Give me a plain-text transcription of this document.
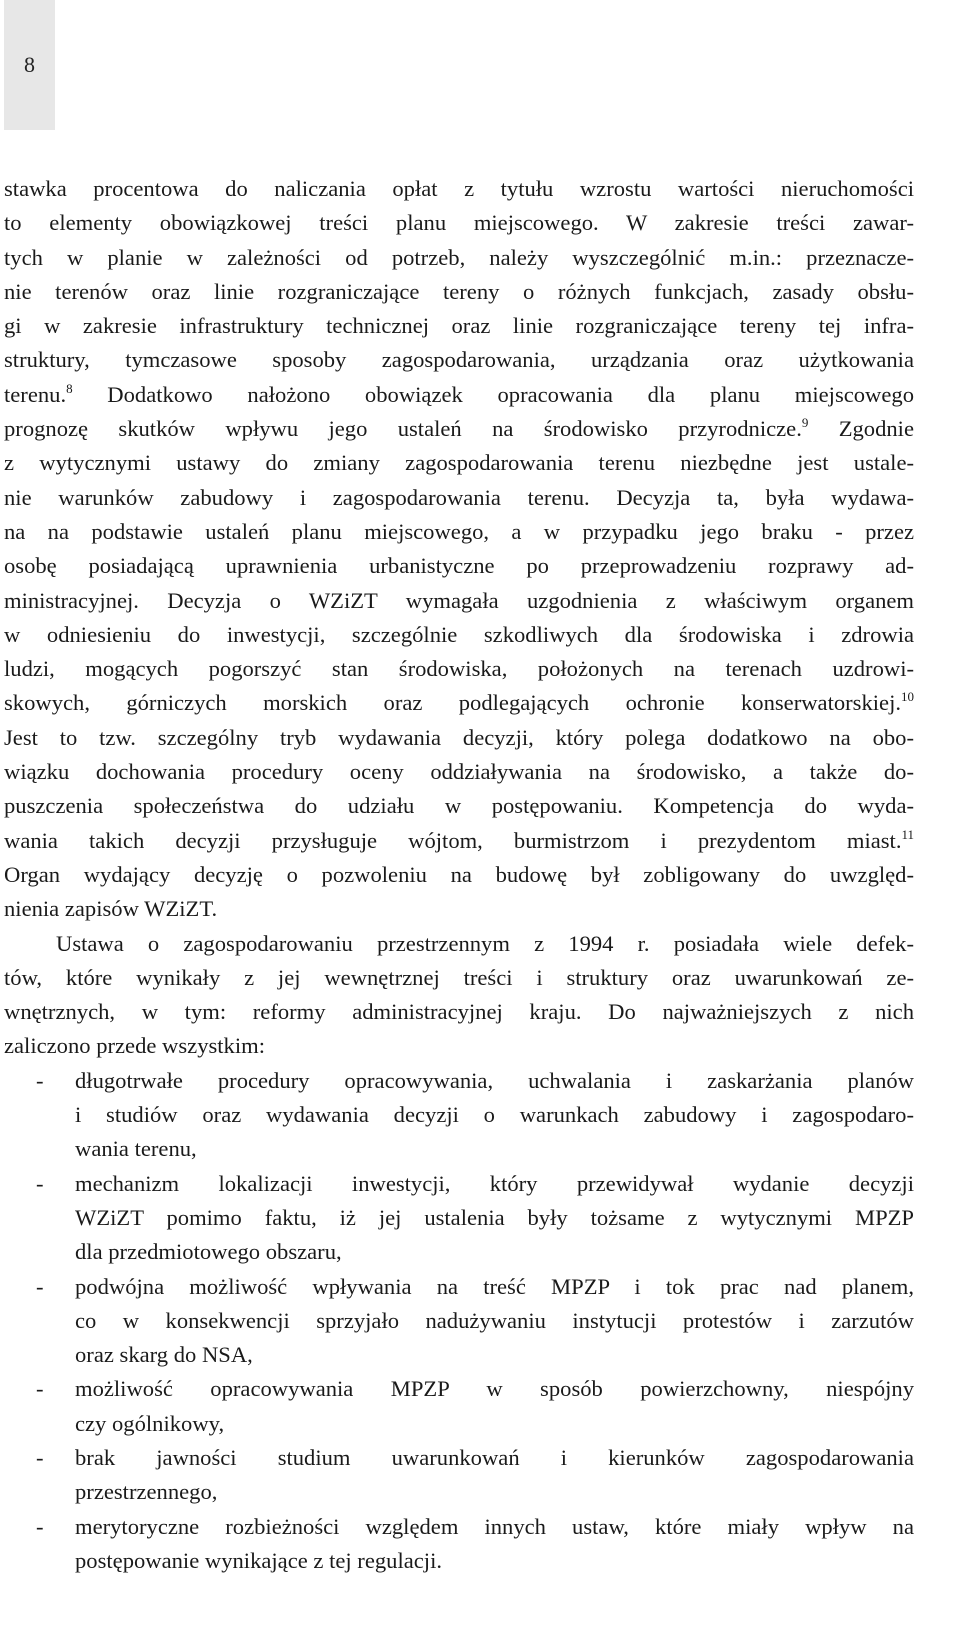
8
stawka procentowa do naliczania opłat z tytułu wzrostu wartości nieruchomości
to elementy obowiązkowej treści planu miejscowego. W zakresie treści zawar-
tych w planie w zależności od potrzeb, należy wyszczególnić m.in.: przeznacze-
nie terenów oraz linie rozgraniczające tereny o różnych funkcjach, zasady obsłu-
gi w zakresie infrastruktury technicznej oraz linie rozgraniczające tereny tej infra-
struktury, tymczasowe sposoby zagospodarowania, urządzania oraz użytkowania
terenu.$^8$ Dodatkowo nałożono obowiązek opracowania dla planu miejscowego
prognozę skutków wpływu jego ustaleń na środowisko przyrodnicze.$^9$ Zgodnie
z wytycznymi ustawy do zmiany zagospodarowania terenu niezbędne jest ustale-
nie warunków zabudowy i zagospodarowania terenu. Decyzja ta, była wydawa-
na na podstawie ustaleń planu miejscowego, a w przypadku jego braku - przez
osobę posiadającą uprawnienia urbanistyczne po przeprowadzeniu rozprawy ad-
ministracyjnej. Decyzja o WZiZT wymagała uzgodnienia z właściwym organem
w odniesieniu do inwestycji, szczególnie szkodliwych dla środowiska i zdrowia
ludzi, mogących pogorszyć stan środowiska, położonych na terenach uzdrowi-
skowych, górniczych morskich oraz podlegających ochronie konserwatorskiej.$^{10}$
Jest to tzw. szczególny tryb wydawania decyzji, który polega dodatkowo na obo-
wiązku dochowania procedury oceny oddziaływania na środowisko, a także do-
puszczenia społeczeństwa do udziału w postępowaniu. Kompetencja do wyda-
wania takich decyzji przysługuje wójtom, burmistrzom i prezydentom miast.$^{11}$
Organ wydający decyzję o pozwoleniu na budowę był zobligowany do uwzględ-
nienia zapisów WZiZT.
Ustawa o zagospodarowaniu przestrzennym z 1994 r. posiadała wiele defek-
tów, które wynikały z jej wewnętrznej treści i struktury oraz uwarunkowań ze-
wnętrznych, w tym: reformy administracyjnej kraju. Do najważniejszych z nich
zaliczono przede wszystkim:
-	długotrwałe procedury opracowywania, uchwalania i zaskarżania planów
i studiów oraz wydawania decyzji o warunkach zabudowy i zagospodaro-
wania terenu,
-	mechanizm lokalizacji inwestycji, który przewidywał wydanie decyzji
WZiZT pomimo faktu, iż jej ustalenia były tożsame z wytycznymi MPZP
dla przedmiotowego obszaru,
-	podwójna możliwość wpływania na treść MPZP i tok prac nad planem,
co w konsekwencji sprzyjało nadużywaniu instytucji protestów i zarzutów
oraz skarg do NSA,
-	możliwość opracowywania MPZP w sposób powierzchowny, niespójny
czy ogólnikowy,
-	brak jawności studium uwarunkowań i kierunków zagospodarowania
przestrzennego,
-	merytoryczne rozbieżności względem innych ustaw, które miały wpływ na
postępowanie wynikające z tej regulacji.
